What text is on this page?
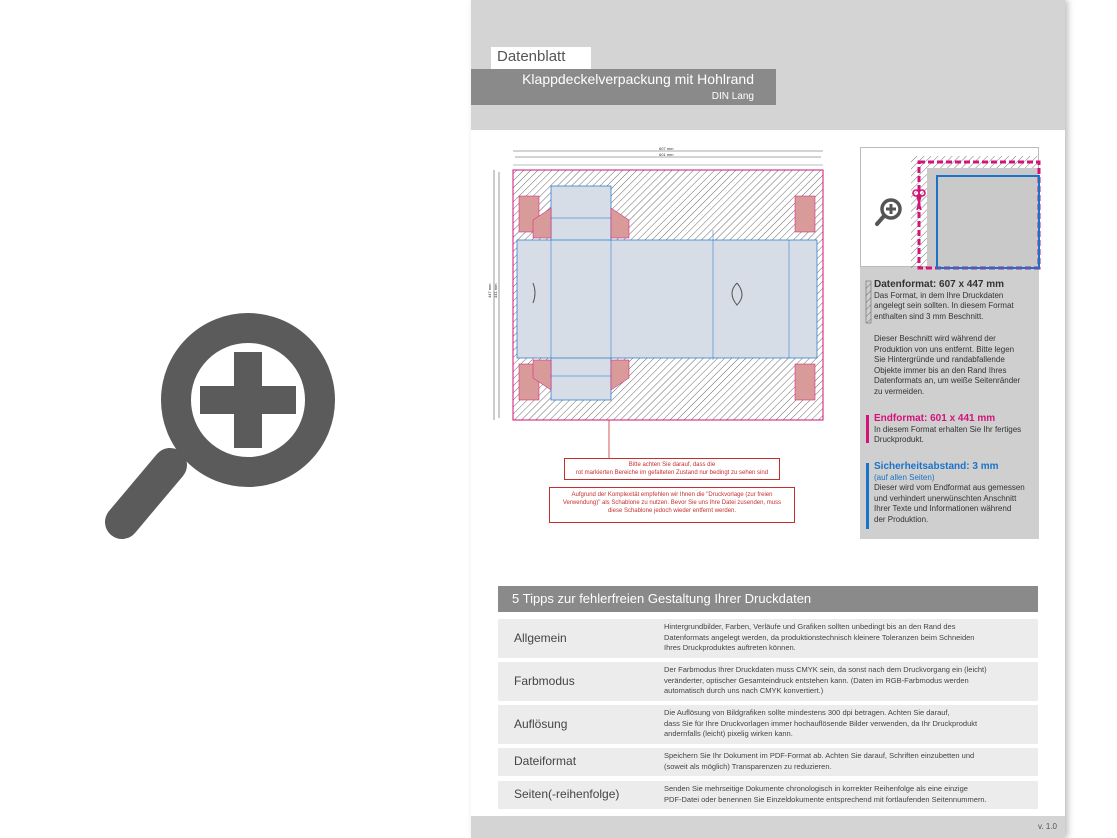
Datenblatt
Klappdeckelverpackung mit Hohlrand
DIN Lang
607 mm
601 mm
447 mm 441 mm
Bitte achten Sie darauf, dass die
rot markierten Bereiche im gefalteten Zustand nur bedingt zu sehen sind
Aufgrund der Komplexität empfehlen wir Ihnen die "Druckvorlage (zur freien
Verwendung)" als Schablone zu nutzen. Bevor Sie uns Ihre Datei zusenden, muss
diese Schablone jedoch wieder entfernt werden.
Datenformat: 607 x 447 mm
Das Format, in dem Ihre Druckdaten
angelegt sein sollten. In diesem Format
enthalten sind 3 mm Beschnitt.
Dieser Beschnitt wird während der
Produktion von uns entfernt. Bitte legen
Sie Hintergründe und randabfallende
Objekte immer bis an den Rand Ihres
Datenformats an, um weiße Seitenränder
zu vermeiden.
Endformat: 601 x 441 mm
In diesem Format erhalten Sie Ihr fertiges
Druckprodukt.
Sicherheitsabstand: 3 mm
(auf allen Seiten)
Dieser wird vom Endformat aus gemessen
und verhindert unerwünschten Anschnitt
Ihrer Texte und Informationen während
der Produktion.
5 Tipps zur fehlerfreien Gestaltung Ihrer Druckdaten
v. 1.0
Allgemein
Hintergrundbilder, Farben, Verläufe und Grafiken sollten unbedingt bis an den Rand des
Datenformats angelegt werden, da produktionstechnisch kleinere Toleranzen beim Schneiden
Ihres Druckproduktes auftreten können.
Farbmodus
Der Farbmodus Ihrer Druckdaten muss CMYK sein, da sonst nach dem Druckvorgang ein (leicht)
veränderter, optischer Gesamteindruck entstehen kann. (Daten im RGB-Farbmodus werden
automatisch durch uns nach CMYK konvertiert.)
Auflösung
Die Auflösung von Bildgrafiken sollte mindestens 300 dpi betragen. Achten Sie darauf,
dass Sie für Ihre Druckvorlagen immer hochauflösende Bilder verwenden, da Ihr Druckprodukt
andernfalls (leicht) pixelig wirken kann.
Dateiformat	Speichern Sie Ihr Dokument im PDF-Format ab. Achten Sie darauf, Schriften einzubetten und
(soweit als möglich) Transparenzen zu reduzieren.
Seiten(-reihenfolge)	Senden Sie mehrseitige Dokumente chronologisch in korrekter Reihenfolge als eine einzige
PDF-Datei oder benennen Sie Einzeldokumente entsprechend mit fortlaufenden Seitennummern.
